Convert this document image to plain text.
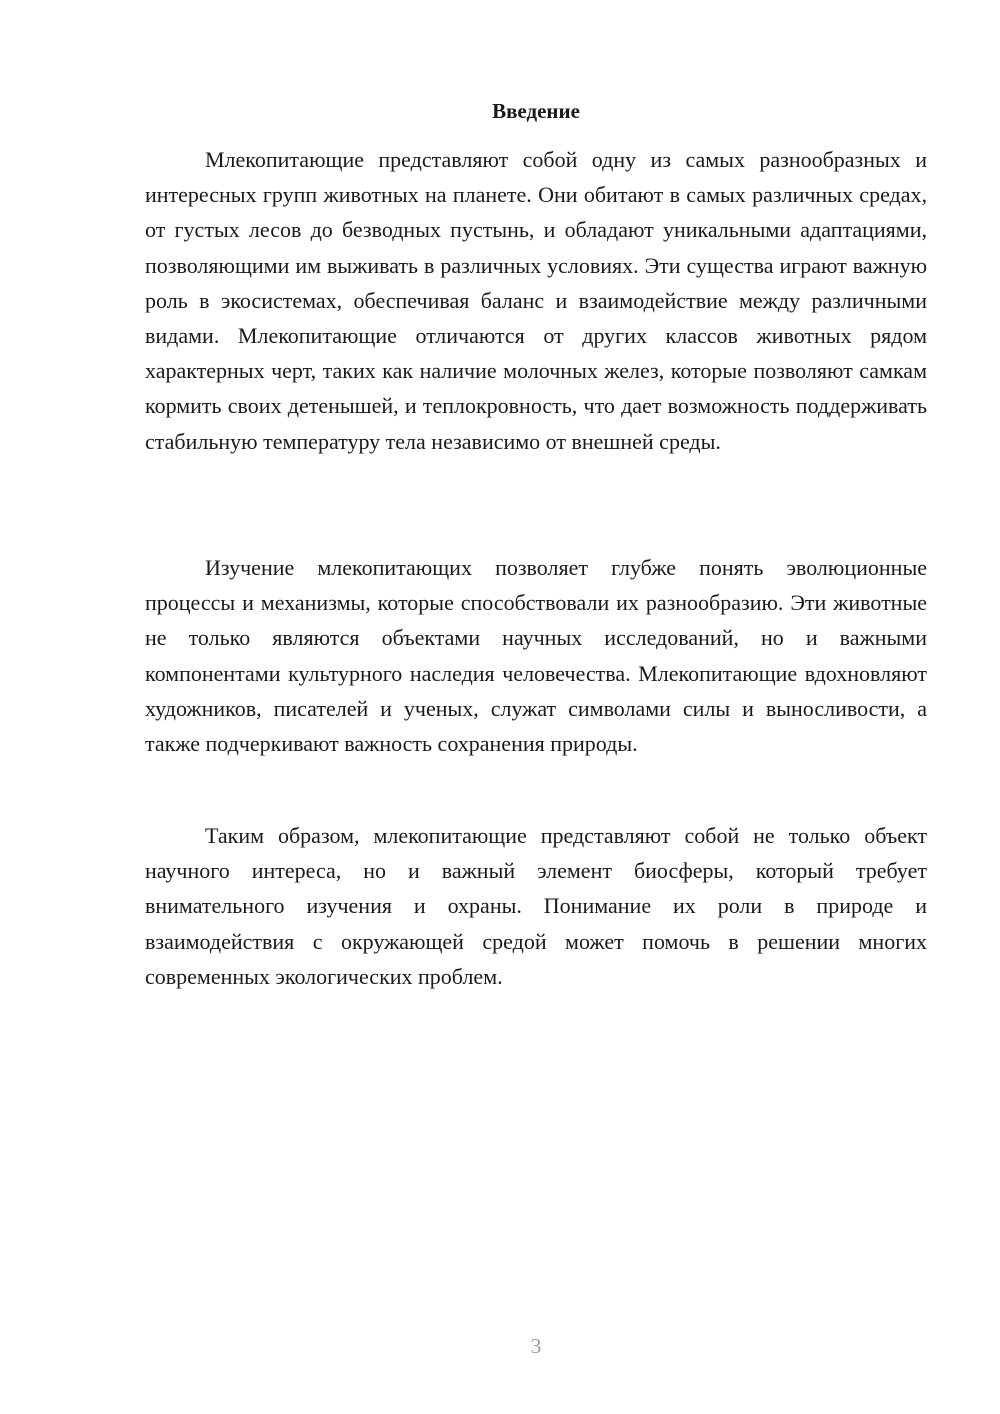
Введение

Млекопитающие представляют собой одну из самых разнообразных и интересных групп животных на планете. Они обитают в самых различных средах, от густых лесов до безводных пустынь, и обладают уникальными адаптациями, позволяющими им выживать в различных условиях. Эти существа играют важную роль в экосистемах, обеспечивая баланс и взаимодействие между различными видами. Млекопитающие отличаются от других классов животных рядом характерных черт, таких как наличие молочных желез, которые позволяют самкам кормить своих детенышей, и теплокровность, что дает возможность поддерживать стабильную температуру тела независимо от внешней среды.

Изучение млекопитающих позволяет глубже понять эволюционные процессы и механизмы, которые способствовали их разнообразию. Эти животные не только являются объектами научных исследований, но и важными компонентами культурного наследия человечества. Млекопитающие вдохновляют художников, писателей и ученых, служат символами силы и выносливости, а также подчеркивают важность сохранения природы.

Таким образом, млекопитающие представляют собой не только объект научного интереса, но и важный элемент биосферы, который требует внимательного изучения и охраны. Понимание их роли в природе и взаимодействия с окружающей средой может помочь в решении многих современных экологических проблем.

3
